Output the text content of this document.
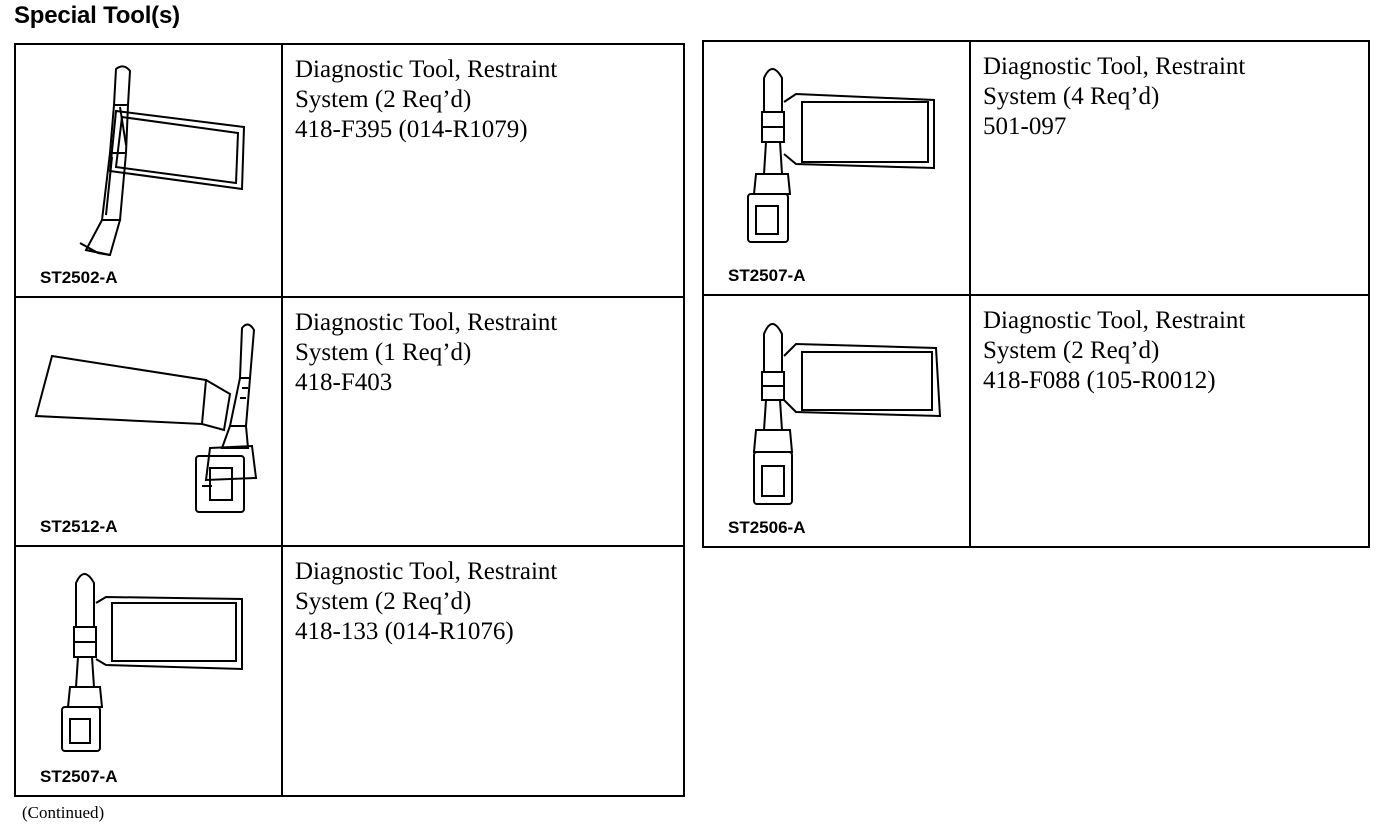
Special Tool(s)
ST2502-A	Diagnostic Tool, Restraint
System (2 Req’d)
418-F395 (014-R1079)

ST2512-A	Diagnostic Tool, Restraint
System (1 Req’d)
418-F403

ST2507-A	Diagnostic Tool, Restraint
System (2 Req’d)
418-133 (014-R1076)
ST2507-A	Diagnostic Tool, Restraint
System (4 Req’d)
501-097

ST2506-A	Diagnostic Tool, Restraint
System (2 Req’d)
418-F088 (105-R0012)
(Continued)
